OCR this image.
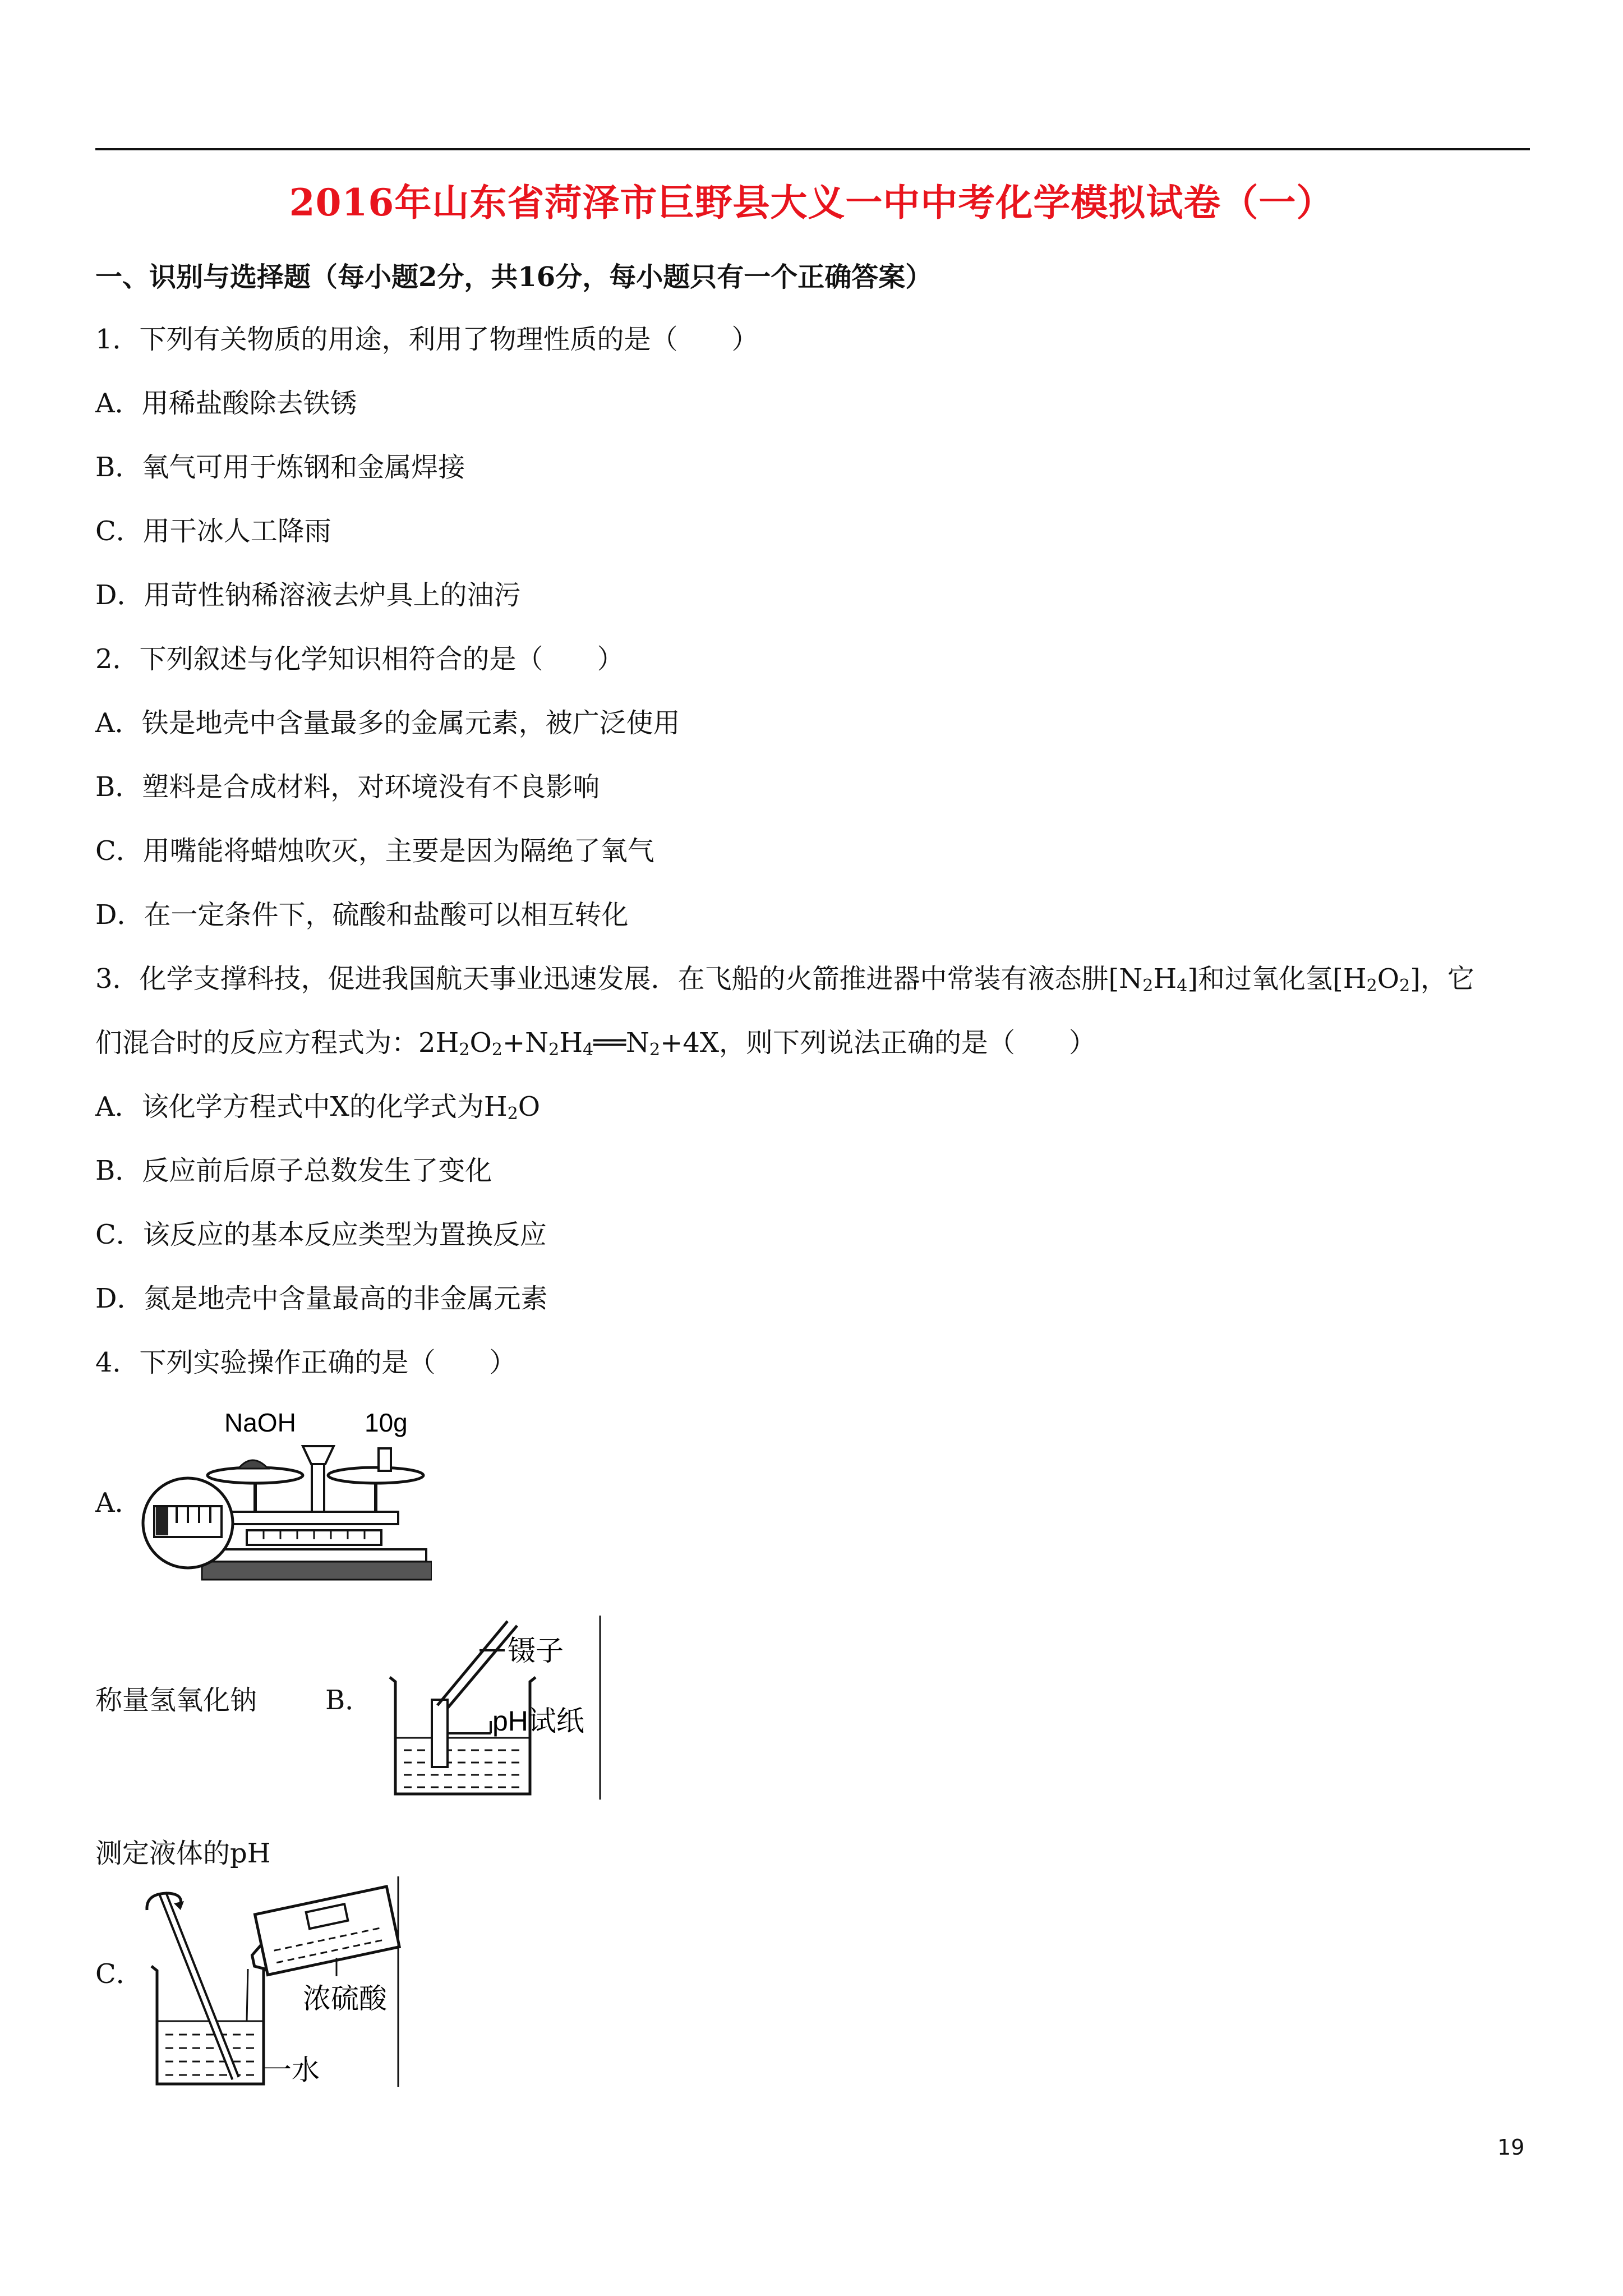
2016年山东省菏泽市巨野县大义一中中考化学模拟试卷（一）
一、识别与选择题（每小题2分，共16分，每小题只有一个正确答案）
1．下列有关物质的用途，利用了物理性质的是（　　）
A．用稀盐酸除去铁锈
B．氧气可用于炼钢和金属焊接
C．用干冰人工降雨
D．用苛性钠稀溶液去炉具上的油污
2．下列叙述与化学知识相符合的是（　　）
A．铁是地壳中含量最多的金属元素，被广泛使用
B．塑料是合成材料，对环境没有不良影响
C．用嘴能将蜡烛吹灭，主要是因为隔绝了氧气
D．在一定条件下，硫酸和盐酸可以相互转化
3．化学支撑科技，促进我国航天事业迅速发展．在飞船的火箭推进器中常装有液态肼$[N_2H_4]$和过氧化氢$[H_2O_2]$，它
们混合时的反应方程式为：$2H_2O_2+N_2H_4══N_2+4X$，则下列说法正确的是（　　）
A．该化学方程式中X的化学式为$H_2O$
B．反应前后原子总数发生了变化
C．该反应的基本反应类型为置换反应
D．氮是地壳中含量最高的非金属元素
4．下列实验操作正确的是（　　）
A．
NaOH	10g
称量氢氧化钠	B．
镊子
pH试纸
测定液体的pH
C．
浓硫酸
一水
19
